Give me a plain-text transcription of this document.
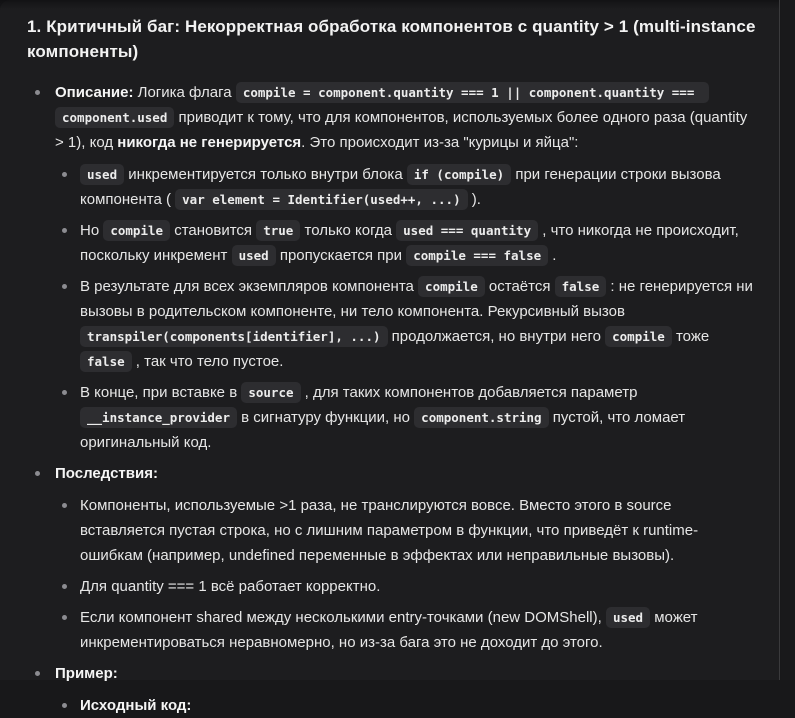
1. Критичный баг: Некорректная обработка компонентов с quantity > 1 (multi-instance компоненты)
Описание: Логика флага compile = component.quantity === 1 || component.quantity === component.used приводит к тому, что для компонентов, используемых более одного раза (quantity > 1), код никогда не генерируется. Это происходит из-за "курицы и яйца":
used инкрементируется только внутри блока if (compile) при генерации строки вызова компонента ( var element = Identifier(used++, ...) ).
Но compile становится true только когда used === quantity , что никогда не происходит, поскольку инкремент used пропускается при compile === false .
В результате для всех экземпляров компонента compile остаётся false : не генерируется ни вызовы в родительском компоненте, ни тело компонента. Рекурсивный вызов transpiler(components[identifier], ...) продолжается, но внутри него compile тоже false , так что тело пустое.
В конце, при вставке в source , для таких компонентов добавляется параметр __instance_provider в сигнатуру функции, но component.string пустой, что ломает оригинальный код.
Последствия:
Компоненты, используемые >1 раза, не транслируются вовсе. Вместо этого в source вставляется пустая строка, но с лишним параметром в функции, что приведёт к runtime-ошибкам (например, undefined переменные в эффектах или неправильные вызовы).
Для quantity === 1 всё работает корректно.
Если компонент shared между несколькими entry-точками (new DOMShell), used может инкрементироваться неравномерно, но из-за бага это не доходит до этого.
Пример:
Исходный код:
